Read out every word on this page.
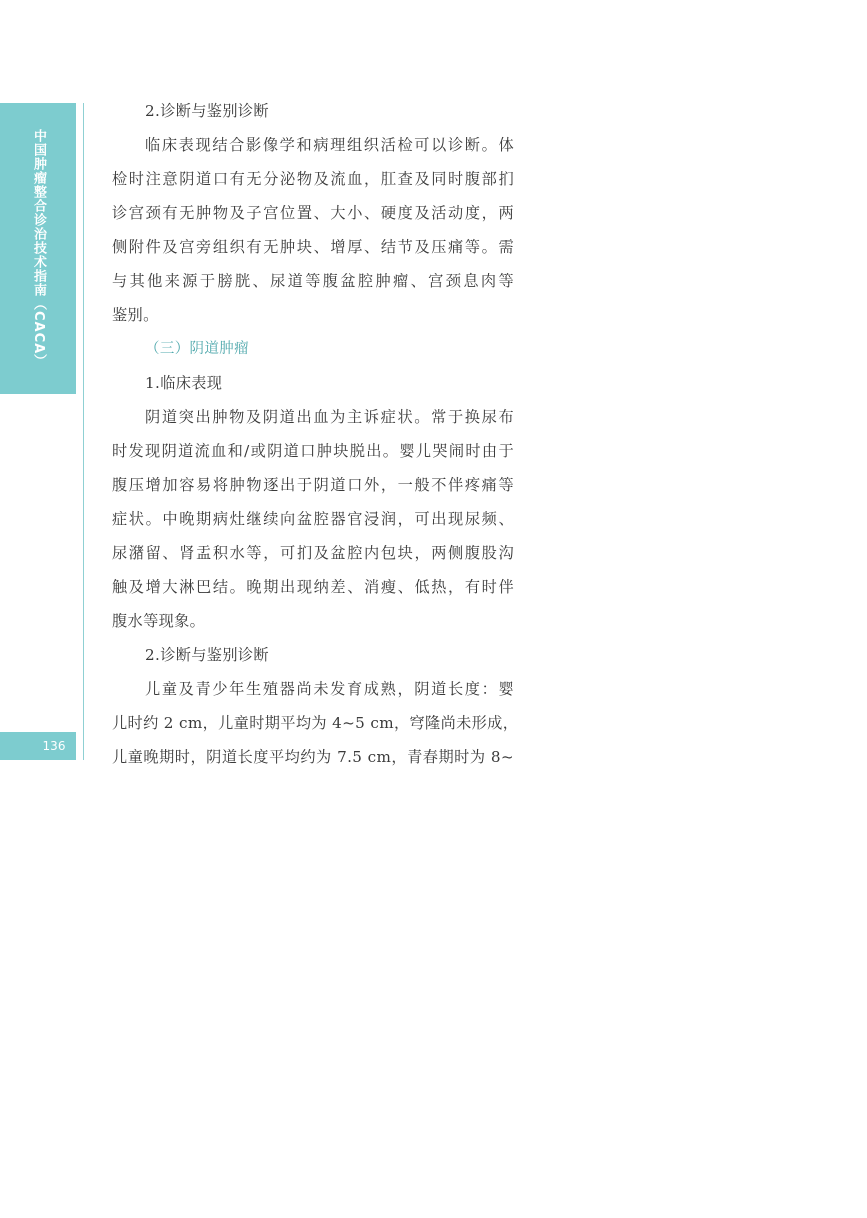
中国肿瘤整合诊治技术指南（CACA）
136
2.诊断与鉴别诊断
临床表现结合影像学和病理组织活检可以诊断。体
检时注意阴道口有无分泌物及流血，肛查及同时腹部扪
诊宫颈有无肿物及子宫位置、大小、硬度及活动度，两
侧附件及宫旁组织有无肿块、增厚、结节及压痛等。需
与其他来源于膀胱、尿道等腹盆腔肿瘤、宫颈息肉等
鉴别。
（三）阴道肿瘤
1.临床表现
阴道突出肿物及阴道出血为主诉症状。常于换尿布
时发现阴道流血和/或阴道口肿块脱出。婴儿哭闹时由于
腹压增加容易将肿物逐出于阴道口外，一般不伴疼痛等
症状。中晚期病灶继续向盆腔器官浸润，可出现尿频、
尿潴留、肾盂积水等，可扪及盆腔内包块，两侧腹股沟
触及增大淋巴结。晚期出现纳差、消瘦、低热，有时伴
腹水等现象。
2.诊断与鉴别诊断
儿童及青少年生殖器尚未发育成熟，阴道长度：婴
儿时约 2 cm，儿童时期平均为 4~5 cm，穹隆尚未形成，
儿童晚期时，阴道长度平均约为 7.5 cm，青春期时为 8~
